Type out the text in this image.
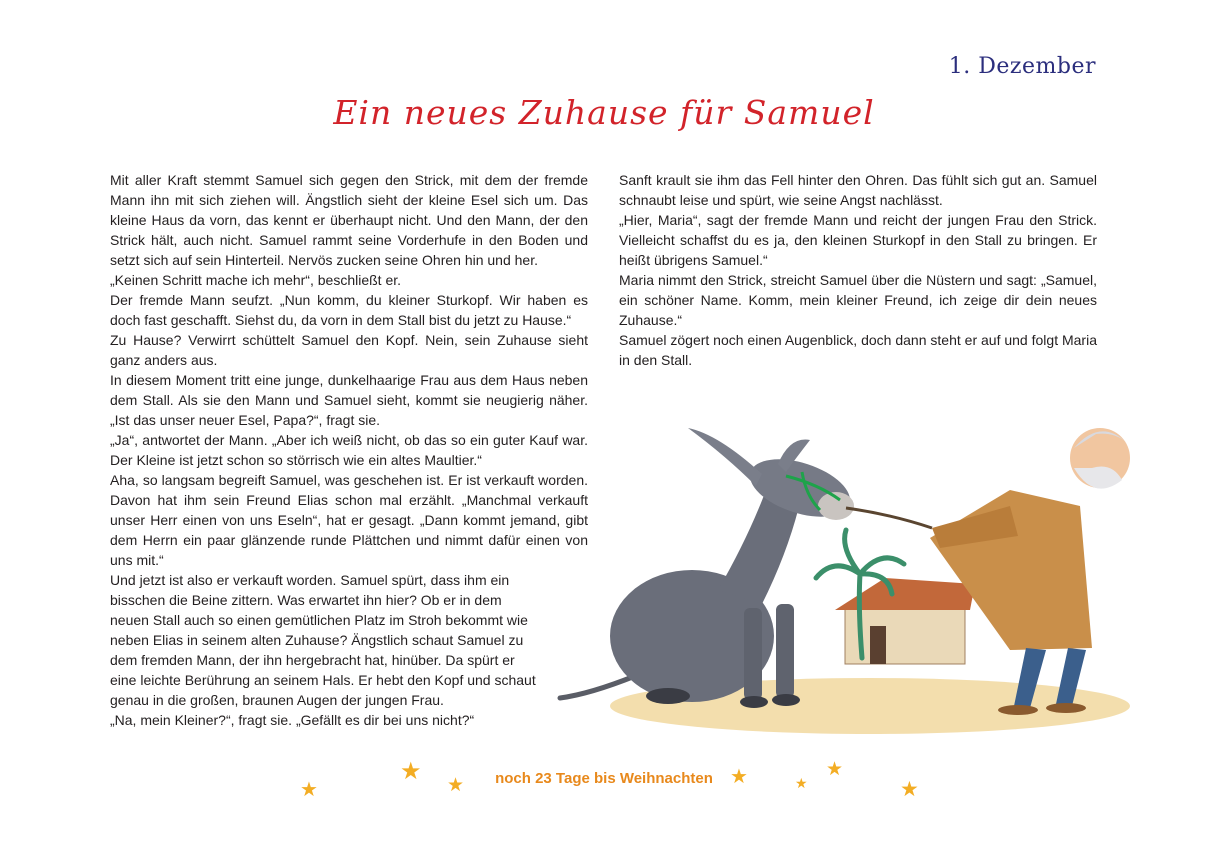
1. Dezember
Ein neues Zuhause für Samuel

Mit aller Kraft stemmt Samuel sich gegen den Strick, mit dem der fremde Mann ihn mit sich ziehen will. Ängstlich sieht der kleine Esel sich um. Das kleine Haus da vorn, das kennt er überhaupt nicht. Und den Mann, der den Strick hält, auch nicht. Samuel rammt seine Vorderhufe in den Boden und setzt sich auf sein Hinterteil. Nervös zucken seine Ohren hin und her.

„Keinen Schritt mache ich mehr“, beschließt er.

Der fremde Mann seufzt. „Nun komm, du kleiner Sturkopf. Wir haben es doch fast geschafft. Siehst du, da vorn in dem Stall bist du jetzt zu Hause.“

Zu Hause? Verwirrt schüttelt Samuel den Kopf. Nein, sein Zuhause sieht ganz anders aus.

In diesem Moment tritt eine junge, dunkelhaarige Frau aus dem Haus neben dem Stall. Als sie den Mann und Samuel sieht, kommt sie neugierig näher. „Ist das unser neuer Esel, Papa?“, fragt sie.

„Ja“, antwortet der Mann. „Aber ich weiß nicht, ob das so ein guter Kauf war. Der Kleine ist jetzt schon so störrisch wie ein altes Maultier.“

Aha, so langsam begreift Samuel, was geschehen ist. Er ist verkauft worden. Davon hat ihm sein Freund Elias schon mal erzählt. „Manchmal verkauft unser Herr einen von uns Eseln“, hat er gesagt. „Dann kommt jemand, gibt dem Herrn ein paar glänzende runde Plättchen und nimmt dafür einen von uns mit.“

Und jetzt ist also er verkauft worden. Samuel spürt, dass ihm ein bisschen die Beine zittern. Was erwartet ihn hier? Ob er in dem neuen Stall auch so einen gemütlichen Platz im Stroh bekommt wie neben Elias in seinem alten Zuhause? Ängstlich schaut Samuel zu dem fremden Mann, der ihn hergebracht hat, hinüber. Da spürt er eine leichte Berührung an seinem Hals. Er hebt den Kopf und schaut genau in die großen, braunen Augen der jungen Frau.

„Na, mein Kleiner?“, fragt sie. „Gefällt es dir bei uns nicht?“

Sanft krault sie ihm das Fell hinter den Ohren. Das fühlt sich gut an. Samuel schnaubt leise und spürt, wie seine Angst nachlässt.

„Hier, Maria“, sagt der fremde Mann und reicht der jungen Frau den Strick. Vielleicht schaffst du es ja, den kleinen Sturkopf in den Stall zu bringen. Er heißt übrigens Samuel.“

Maria nimmt den Strick, streicht Samuel über die Nüstern und sagt: „Samuel, ein schöner Name. Komm, mein kleiner Freund, ich zeige dir dein neues Zuhause.“

Samuel zögert noch einen Augenblick, doch dann steht er auf und folgt Maria in den Stall.

★
★
★	★	★
★
★
noch 23 Tage bis Weihnachten
